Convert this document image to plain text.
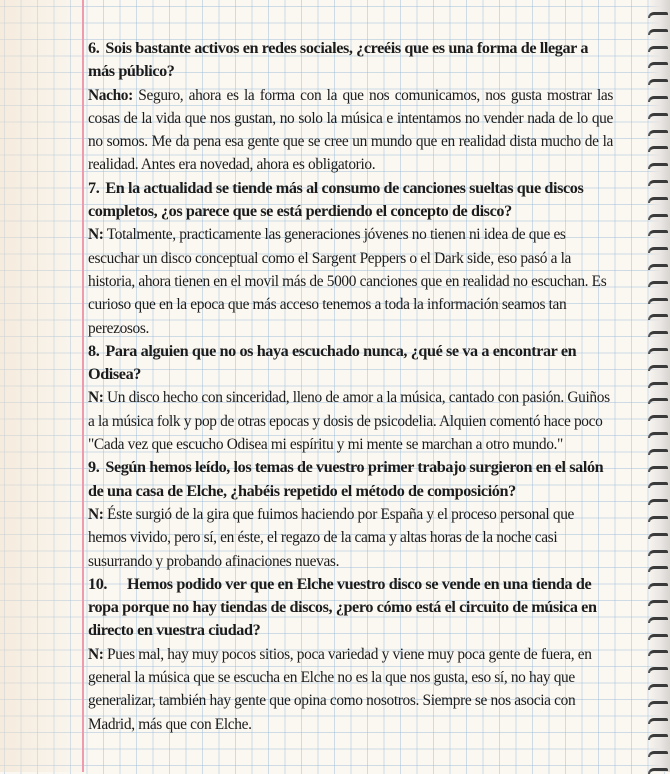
6. Sois bastante activos en redes sociales, ¿creéis que es una forma de llegar a más público?

Nacho: Seguro, ahora es la forma con la que nos comunicamos, nos gusta mostrar las cosas de la vida que nos gustan, no solo la música e intentamos no vender nada de lo que no somos. Me da pena esa gente que se cree un mundo que en realidad dista mucho de la realidad. Antes era novedad, ahora es obligatorio.

7. En la actualidad se tiende más al consumo de canciones sueltas que discos completos, ¿os parece que se está perdiendo el concepto de disco?

N: Totalmente, practicamente las generaciones jóvenes no tienen ni idea de que es escuchar un disco conceptual como el Sargent Peppers o el Dark side, eso pasó a la historia, ahora tienen en el movil más de 5000 canciones que en realidad no escuchan. Es curioso que en la epoca que más acceso tenemos a toda la información seamos tan perezosos.

8. Para alguien que no os haya escuchado nunca, ¿qué se va a encontrar en Odisea?

N: Un disco hecho con sinceridad, lleno de amor a la música, cantado con pasión. Guiños a la música folk y pop de otras epocas y dosis de psicodelia. Alquien comentó hace poco "Cada vez que escucho Odisea mi espíritu y mi mente se marchan a otro mundo."

9. Según hemos leído, los temas de vuestro primer trabajo surgieron en el salón de una casa de Elche, ¿habéis repetido el método de composición?

N: Éste surgió de la gira que fuimos haciendo por España y el proceso personal que hemos vivido, pero sí, en éste, el regazo de la cama y altas horas de la noche casi susurrando y probando afinaciones nuevas.

10. Hemos podido ver que en Elche vuestro disco se vende en una tienda de ropa porque no hay tiendas de discos, ¿pero cómo está el circuito de música en directo en vuestra ciudad?

N: Pues mal, hay muy pocos sitios, poca variedad y viene muy poca gente de fuera, en general la música que se escucha en Elche no es la que nos gusta, eso sí, no hay que generalizar, también hay gente que opina como nosotros. Siempre se nos asocia con Madrid, más que con Elche.
